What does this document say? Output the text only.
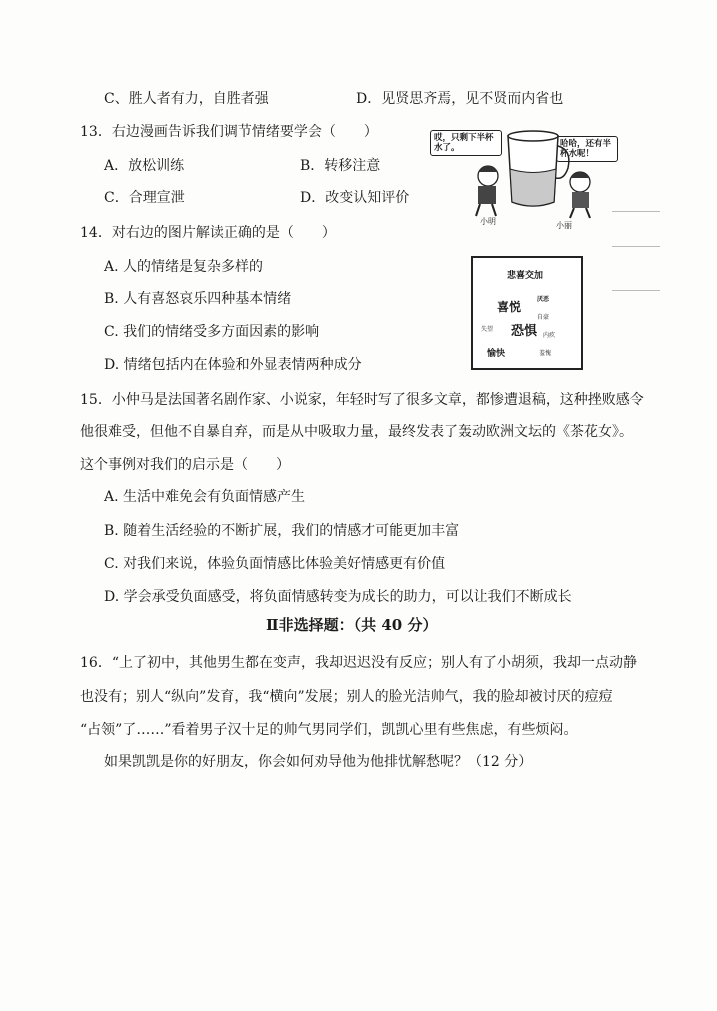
C、胜人者有力，自胜者强	D．见贤思齐焉，见不贤而内省也
13．右边漫画告诉我们调节情绪要学会（　　）
A．放松训练	B．转移注意
C．合理宣泄	D．改变认知评价
哎，只剩下半杯水了。	哈哈，还有半杯水呢！
小明	小丽
14．对右边的图片解读正确的是（　　）
A. 人的情绪是复杂多样的
B. 人有喜怒哀乐四种基本情绪
C. 我们的情绪受多方面因素的影响
D. 情绪包括内在体验和外显表情两种成分
悲喜交加
喜悦
厌恶
自豪
失望 恐惧 内疚
愉快	羞愧
15．小仲马是法国著名剧作家、小说家，年轻时写了很多文章，都惨遭退稿，这种挫败感令
他很难受，但他不自暴自弃，而是从中吸取力量，最终发表了轰动欧洲文坛的《茶花女》。
这个事例对我们的启示是（　　）
A. 生活中难免会有负面情感产生
B. 随着生活经验的不断扩展，我们的情感才可能更加丰富
C. 对我们来说，体验负面情感比体验美好情感更有价值
D. 学会承受负面感受，将负面情感转变为成长的助力，可以让我们不断成长
Ⅱ非选择题：（共 40 分）
16．“上了初中，其他男生都在变声，我却迟迟没有反应；别人有了小胡须，我却一点动静
也没有；别人“纵向”发育，我“横向”发展；别人的脸光洁帅气，我的脸却被讨厌的痘痘
“占领”了……”看着男子汉十足的帅气男同学们，凯凯心里有些焦虑，有些烦闷。
如果凯凯是你的好朋友，你会如何劝导他为他排忧解愁呢？（12 分）
